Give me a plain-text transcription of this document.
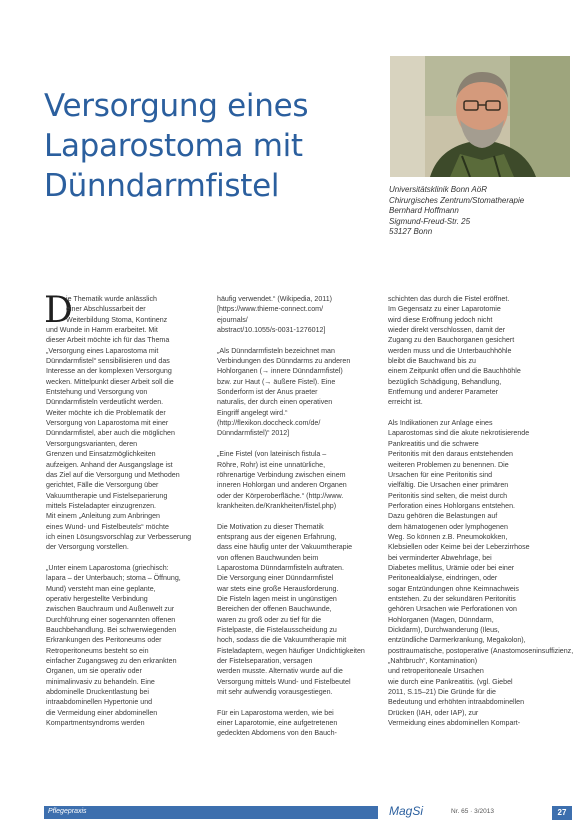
Versorgung eines
Laparostoma mit
Dünndarmfistel	Universitätsklinik Bonn AöR
Chirurgisches Zentrum/Stomatherapie
Bernhard Hoffmann
Sigmund-Freud-Str. 25
53127 Bonn
D

ie Thematik wurde anlässlich
einer Abschlussarbeit der
Weiterbildung Stoma, Kontinenz
und Wunde in Hamm erarbeitet. Mit
dieser Arbeit möchte ich für das Thema
„Versorgung eines Laparostoma mit
Dünndarmfistel“ sensibilisieren und das
Interesse an der komplexen Versorgung
wecken. Mittelpunkt dieser Arbeit soll die
Entstehung und Versorgung von
Dünndarmfisteln verdeutlicht werden.
Weiter möchte ich die Problematik der
Versorgung von Laparostoma mit einer
Dünndarmfistel, aber auch die möglichen
Versorgungsvarianten, deren
Grenzen und Einsatzmöglichkeiten
aufzeigen. Anhand der Ausgangslage ist
das Ziel auf die Versorgung und Methoden
gerichtet, Fälle die Versorgung über
Vakuumtherapie und Fistelseparierung
mittels Fisteladapter einzugrenzen.
Mit einem „Anleitung zum Anbringen
eines Wund- und Fistelbeutels“ möchte
ich einen Lösungsvorschlag zur Verbesserung
der Versorgung vorstellen.

„Unter einem Laparostoma (griechisch:
lapara – der Unterbauch; stoma – Öffnung,
Mund) versteht man eine geplante,
operativ hergestellte Verbindung
zwischen Bauchraum und Außenwelt zur
Durchführung einer sogenannten offenen
Bauchbehandlung. Bei schwerwiegenden
Erkrankungen des Peritoneums oder
Retroperitoneums besteht so ein
einfacher Zugangsweg zu den erkrankten
Organen, um sie operativ oder
minimalinvasiv zu behandeln. Eine
abdominelle Druckentlastung bei
intraabdominellen Hypertonie und
die Vermeidung einer abdominellen
Kompartmentsyndroms werden

häufig verwendet.“ (Wikipedia, 2011)
[https://www.thieme-connect.com/
ejournals/
abstract/10.1055/s-0031-1276012]

„Als Dünndarmfisteln bezeichnet man
Verbindungen des Dünndarms zu anderen
Hohlorganen (→ innere Dünndarmfistel)
bzw. zur Haut (→ äußere Fistel). Eine
Sonderform ist der Anus praeter
naturalis, der durch einen operativen
Eingriff angelegt wird.“
(http://flexikon.doccheck.com/de/
Dünndarmfistel)“ 2012]

„Eine Fistel (von lateinisch fistula –
Röhre, Rohr) ist eine unnatürliche,
röhrenartige Verbindung zwischen einem
inneren Hohlorgan und anderen Organen
oder der Körperoberfläche.“ (http://www.
krankheiten.de/Krankheiten/fistel.php)

Die Motivation zu dieser Thematik
entsprang aus der eigenen Erfahrung,
dass eine häufig unter der Vakuumtherapie
von offenen Bauchwunden beim
Laparostoma Dünndarmfisteln auftraten.
Die Versorgung einer Dünndarmfistel
war stets eine große Herausforderung.
Die Fisteln lagen meist in ungünstigen
Bereichen der offenen Bauchwunde,
waren zu groß oder zu tief für die
Fistelpaste, die Fistelausscheidung zu
hoch, sodass die die Vakuumtherapie mit
Fisteladaptern, wegen häufiger Undichtigkeiten
der Fistelseparation, versagen
werden musste. Alternativ wurde auf die
Versorgung mittels Wund- und Fistelbeutel
mit sehr aufwendig vorausgestiegen.

Für ein Laparostoma werden, wie bei
einer Laparotomie, eine aufgetretenen
gedeckten Abdomens von den Bauch-

schichten das durch die Fistel eröffnet.
Im Gegensatz zu einer Laparotomie
wird diese Eröffnung jedoch nicht
wieder direkt verschlossen, damit der
Zugang zu den Bauchorganen gesichert
werden muss und die Unterbauchhöhle
bleibt die Bauchwand bis zu
einem Zeitpunkt offen und die Bauchhöhle
bezüglich Schädigung, Behandlung,
Entfernung und anderer Parameter
erreicht ist.

Als Indikationen zur Anlage eines
Laparostomas sind die akute nekrotisierende
Pankreatitis und die schwere
Peritonitis mit den daraus entstehenden
weiteren Problemen zu benennen. Die
Ursachen für eine Peritonitis sind
vielfältig. Die Ursachen einer primären
Peritonitis sind selten, die meist durch
Perforation eines Hohlorgans entstehen.
Dazu gehören die Belastungen auf
dem hämatogenen oder lymphogenen
Weg. So können z.B. Pneumokokken,
Klebsiellen oder Keime bei der Leberzirrhose
bei verminderter Abwehrlage, bei
Diabetes mellitus, Urämie oder bei einer
Peritonealdialyse, eindringen, oder
sogar Entzündungen ohne Keimnachweis
entstehen. Zu der sekundären Peritonitis
gehören Ursachen wie Perforationen von
Hohlorganen (Magen, Dünndarm,
Dickdarm), Durchwanderung (Ileus,
entzündliche Darmerkrankung, Megakolon),
posttraumatische, postoperative (Anastomoseninsuffizienz,
„Nahtbruch“, Kontamination)
und retroperitoneale Ursachen
wie durch eine Pankreatitis. (vgl. Giebel
2011, S.15–21) Die Gründe für die
Bedeutung und erhöhten intraabdominellen
Drücken (IAH, oder IAP), zur
Vermeidung eines abdominellen Kompart-

Pflegepraxis	MagSi	Nr. 65 · 3/2013	27
